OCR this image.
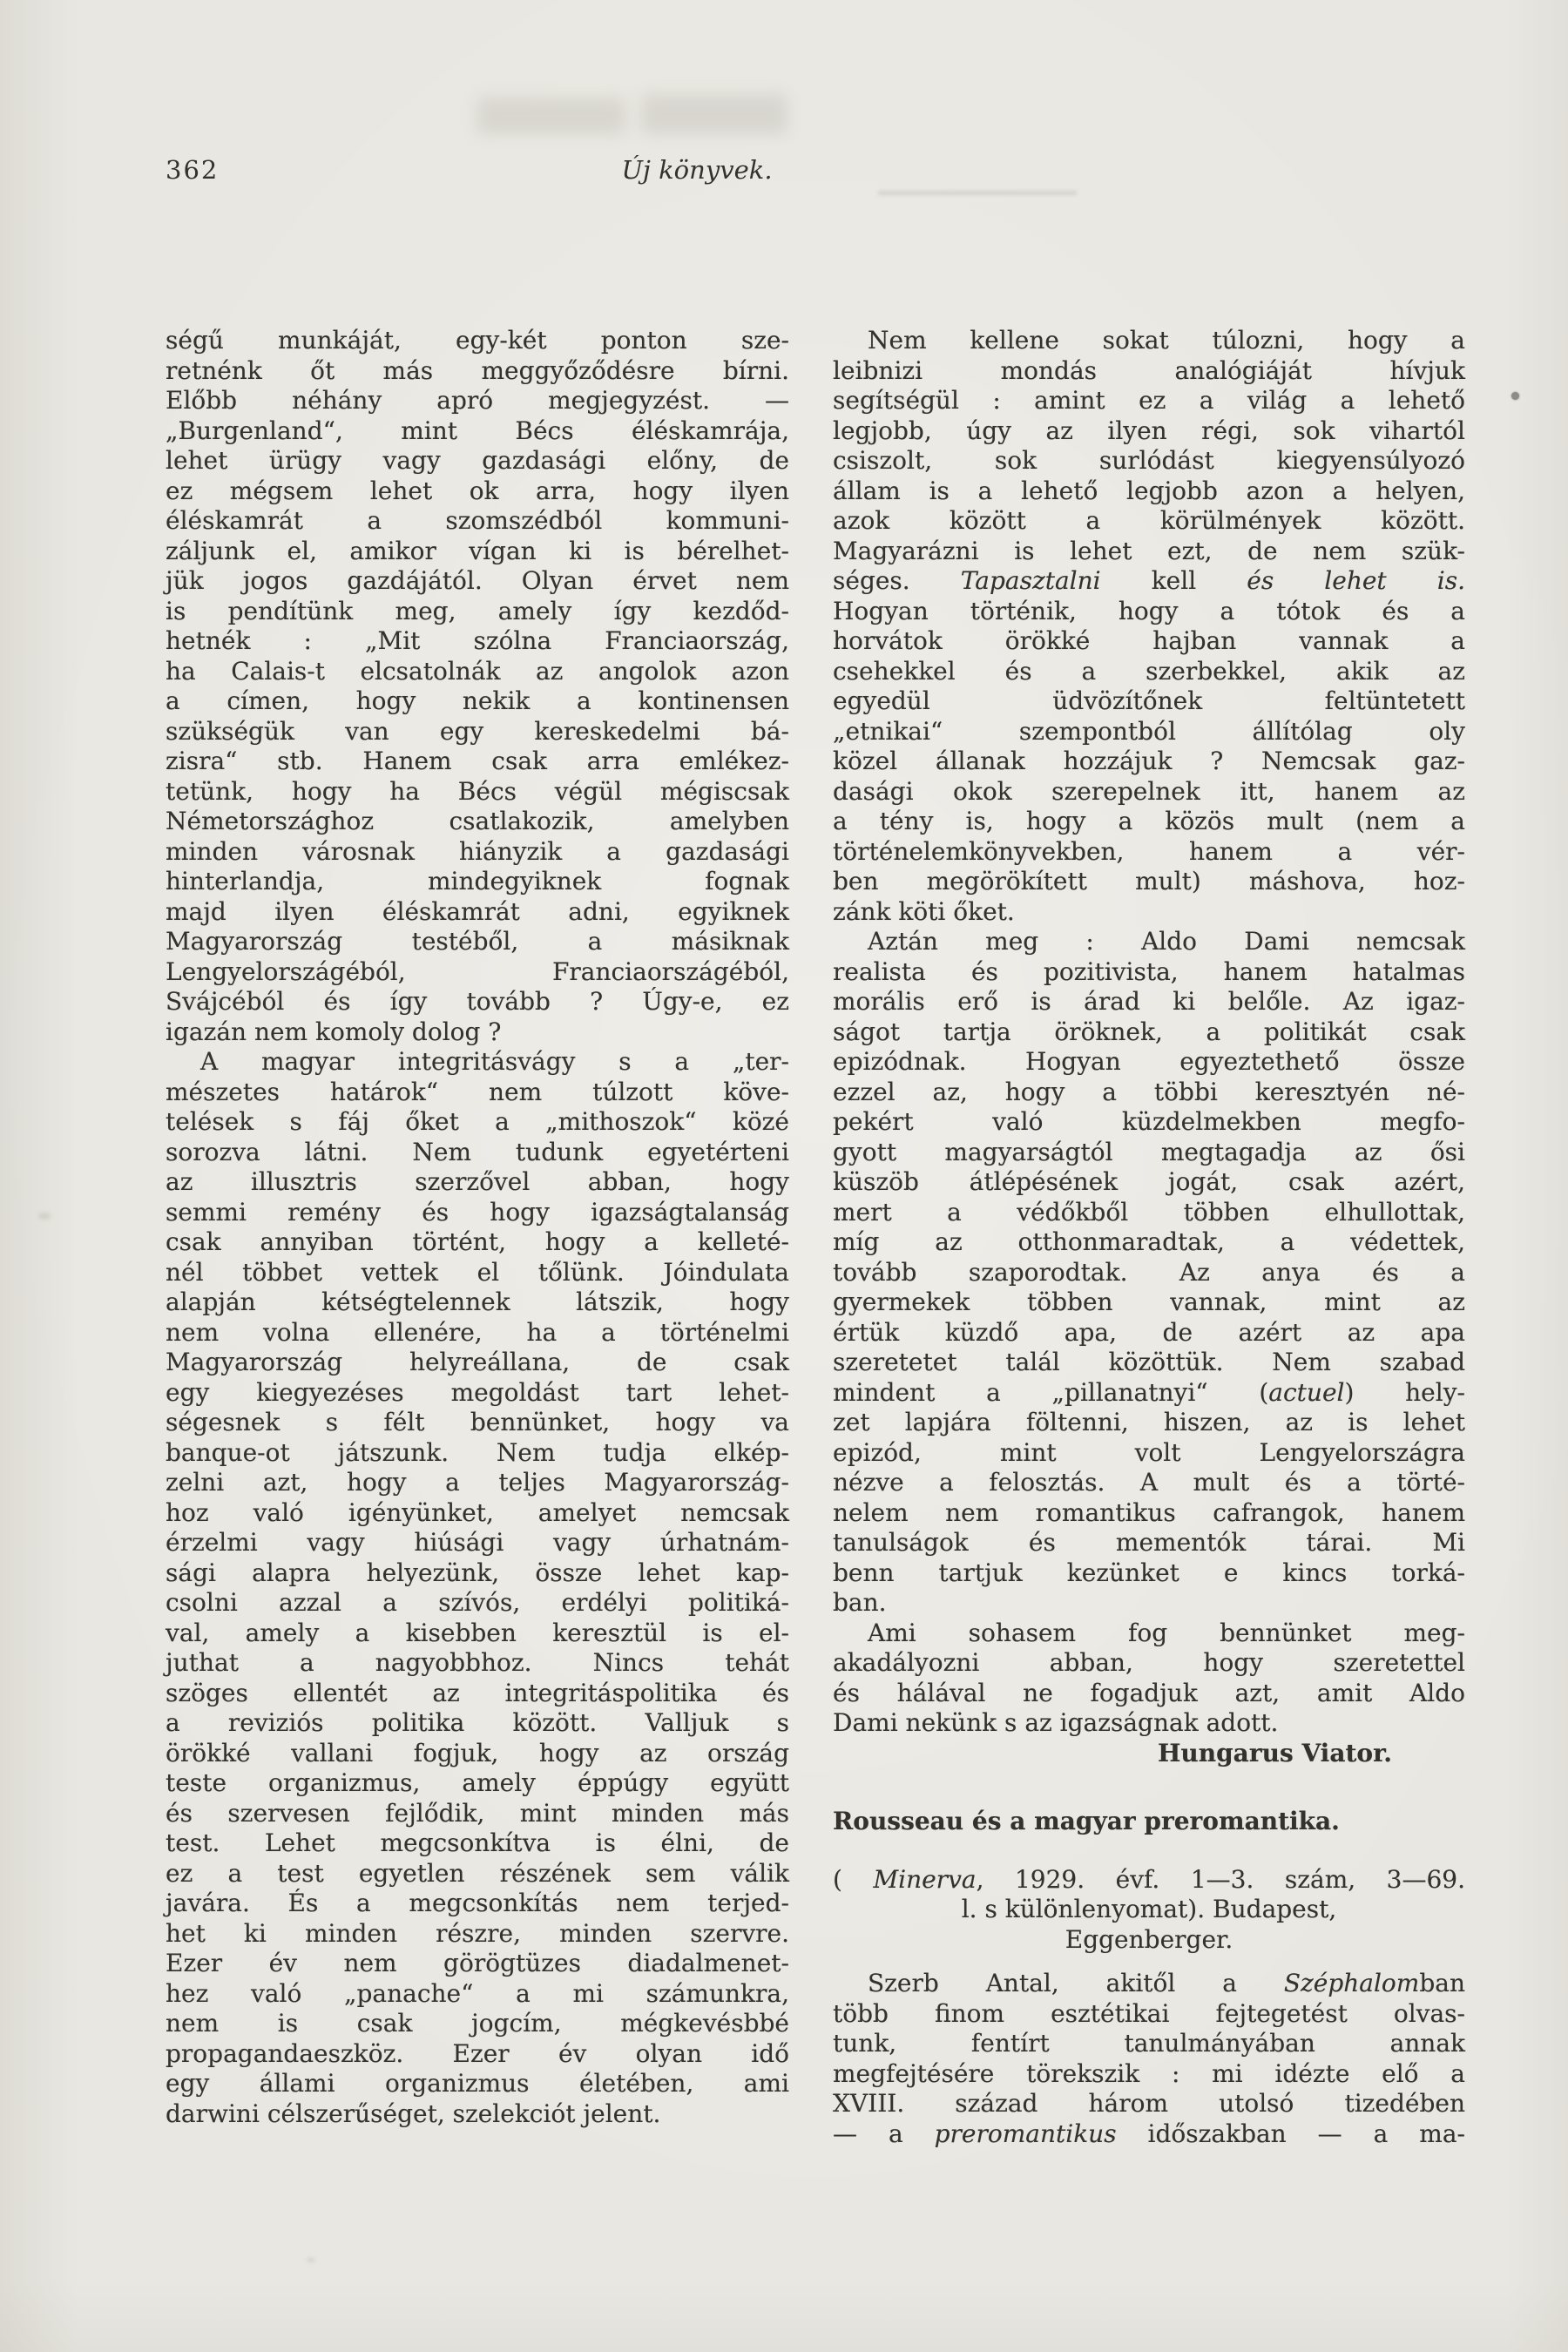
362	Új könyvek.
ségű munkáját, egy-két ponton sze-
retnénk őt más meggyőződésre bírni.
Előbb néhány apró megjegyzést. —
„Burgenland“, mint Bécs éléskamrája,
lehet ürügy vagy gazdasági előny, de
ez mégsem lehet ok arra, hogy ilyen
éléskamrát a szomszédból kommuni-
záljunk el, amikor vígan ki is bérelhet-
jük jogos gazdájától. Olyan érvet nem
is pendítünk meg, amely így kezdőd-
hetnék : „Mit szólna Franciaország,
ha Calais-t elcsatolnák az angolok azon
a címen, hogy nekik a kontinensen
szükségük van egy kereskedelmi bá-
zisra“ stb. Hanem csak arra emlékez-
tetünk, hogy ha Bécs végül mégiscsak
Németországhoz csatlakozik, amelyben
minden városnak hiányzik a gazdasági
hinterlandja, mindegyiknek fognak
majd ilyen éléskamrát adni, egyiknek
Magyarország testéből, a másiknak
Lengyelországéból, Franciaországéból,
Svájcéból és így tovább ? Úgy-e, ez
igazán nem komoly dolog ?
A magyar integritásvágy s a „ter-
mészetes határok“ nem túlzott köve-
telések s fáj őket a „mithoszok“ közé
sorozva látni. Nem tudunk egyetérteni
az illusztris szerzővel abban, hogy
semmi remény és hogy igazságtalanság
csak annyiban történt, hogy a kelleté-
nél többet vettek el tőlünk. Jóindulata
alapján kétségtelennek látszik, hogy
nem volna ellenére, ha a történelmi
Magyarország helyreállana, de csak
egy kiegyezéses megoldást tart lehet-
ségesnek s félt bennünket, hogy va
banque-ot játszunk. Nem tudja elkép-
zelni azt, hogy a teljes Magyarország-
hoz való igényünket, amelyet nemcsak
érzelmi vagy hiúsági vagy úrhatnám-
sági alapra helyezünk, össze lehet kap-
csolni azzal a szívós, erdélyi politiká-
val, amely a kisebben keresztül is el-
juthat a nagyobbhoz. Nincs tehát
szöges ellentét az integritáspolitika és
a reviziós politika között. Valljuk s
örökké vallani fogjuk, hogy az ország
teste organizmus, amely éppúgy együtt
és szervesen fejlődik, mint minden más
test. Lehet megcsonkítva is élni, de
ez a test egyetlen részének sem válik
javára. És a megcsonkítás nem terjed-
het ki minden részre, minden szervre.
Ezer év nem görögtüzes diadalmenet-
hez való „panache“ a mi számunkra,
nem is csak jogcím, mégkevésbbé
propagandaeszköz. Ezer év olyan idő
egy állami organizmus életében, ami
darwini célszerűséget, szelekciót jelent.
Nem kellene sokat túlozni, hogy a
leibnizi mondás analógiáját hívjuk
segítségül : amint ez a világ a lehető
legjobb, úgy az ilyen régi, sok vihartól
csiszolt, sok surlódást kiegyensúlyozó
állam is a lehető legjobb azon a helyen,
azok között a körülmények között.
Magyarázni is lehet ezt, de nem szük-
séges. Tapasztalni kell és lehet is.
Hogyan történik, hogy a tótok és a
horvátok örökké hajban vannak a
csehekkel és a szerbekkel, akik az
egyedül üdvözítőnek feltüntetett
„etnikai“ szempontból állítólag oly
közel állanak hozzájuk ? Nemcsak gaz-
dasági okok szerepelnek itt, hanem az
a tény is, hogy a közös mult (nem a
történelemkönyvekben, hanem a vér-
ben megörökített mult) máshova, hoz-
zánk köti őket.
Aztán meg : Aldo Dami nemcsak
realista és pozitivista, hanem hatalmas
morális erő is árad ki belőle. Az igaz-
ságot tartja öröknek, a politikát csak
epizódnak. Hogyan egyeztethető össze
ezzel az, hogy a többi keresztyén né-
pekért való küzdelmekben megfo-
gyott magyarságtól megtagadja az ősi
küszöb átlépésének jogát, csak azért,
mert a védőkből többen elhullottak,
míg az otthonmaradtak, a védettek,
tovább szaporodtak. Az anya és a
gyermekek többen vannak, mint az
értük küzdő apa, de azért az apa
szeretetet talál közöttük. Nem szabad
mindent a „pillanatnyi“ (actuel) hely-
zet lapjára föltenni, hiszen, az is lehet
epizód, mint volt Lengyelországra
nézve a felosztás. A mult és a törté-
nelem nem romantikus cafrangok, hanem
tanulságok és mementók tárai. Mi
benn tartjuk kezünket e kincs torká-
ban.
Ami sohasem fog bennünket meg-
akadályozni abban, hogy szeretettel
és hálával ne fogadjuk azt, amit Aldo
Dami nekünk s az igazságnak adott.
Hungarus Viator.
Rousseau és a magyar preromantika.
( Minerva, 1929. évf. 1—3. szám, 3—69.
l. s különlenyomat). Budapest,
Eggenberger.
Szerb Antal, akitől a Széphalomban
több finom esztétikai fejtegetést olvas-
tunk, fentírt tanulmányában annak
megfejtésére törekszik : mi idézte elő a
XVIII. század három utolsó tizedében
— a preromantikus időszakban — a ma-
